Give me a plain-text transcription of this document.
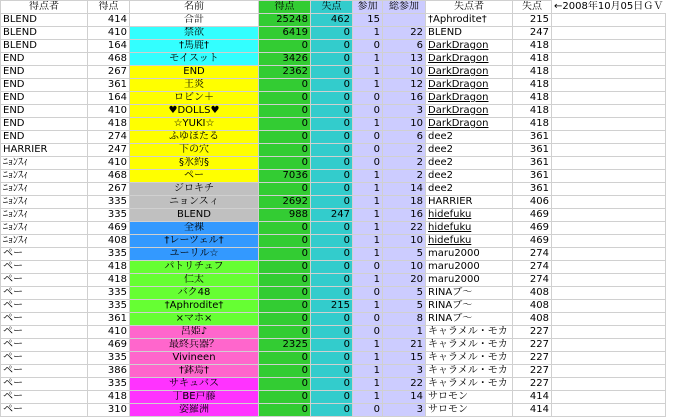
得点者	得点	名前	得点	失点	参加	総参加	失点者	失点	←2008年10月05日ＧＶ
BLEND	414	合計	25248	462	15		†Aphrodite†	215	
BLEND	410	禁欲	6419	0	1	22	BLEND	247	
BLEND	164	†馬鹿†	0	0	0	6	DarkDragon	418	
END	468	モイスット	3426	0	1	13	DarkDragon	418	
END	267	END	2362	0	1	10	DarkDragon	418	
END	361	王炎	0	0	1	12	DarkDragon	418	
END	164	ロビン＋	0	0	0	16	DarkDragon	418	
END	410	♥DOLLS♥	0	0	0	3	DarkDragon	418	
END	418	☆YUKI☆	0	0	1	10	DarkDragon	418	
END	274	ふゆほたる	0	0	0	6	dee2	361	
HARRIER	247	下の穴	0	0	0	2	dee2	361	
ﾆｮﾝｽｨ	410	§氷約§	0	0	0	2	dee2	361	
ﾆｮﾝｽｨ	468	ペー	7036	0	1	2	dee2	361	
ﾆｮﾝｽｨ	267	ジロキチ	0	0	1	14	dee2	361	
ﾆｮﾝｽｨ	335	ニョンスィ	2692	0	1	18	HARRIER	406	
ﾆｮﾝｽｨ	335	BLEND	988	247	1	16	hidefuku	469	
ﾆｮﾝｽｨ	469	全裸	0	0	1	22	hidefuku	469	
ﾆｮﾝｽｨ	408	†レーツェル†	0	0	1	10	hidefuku	469	
ペー	335	ユーリル☆	0	0	1	5	maru2000	274	
ペー	418	パトリチュフ	0	0	0	10	maru2000	274	
ペー	418	仁太	0	0	1	20	maru2000	274	
ペー	335	バク48	0	0	0	5	RINAブ～	408	
ペー	335	†Aphrodite†	0	215	1	5	RINAブ～	408	
ペー	361	×マホ×	0	0	0	8	RINAブ～	408	
ペー	410	呂姫♪	0	0	0	1	キャラメル・モカ	227	
ペー	469	最終兵器？	2325	0	1	21	キャラメル・モカ	227	
ペー	335	Vivineen	0	0	1	15	キャラメル・モカ	227	
ペー	386	†鉢焉†	0	0	1	3	キャラメル・モカ	227	
ペー	335	サキュバス	0	0	1	22	キャラメル・モカ	227	
ペー	418	丁BE戸藤	0	0	1	14	サロモン	414	
ペー	310	姿羅洲	0	0	0	3	サロモン	414	
